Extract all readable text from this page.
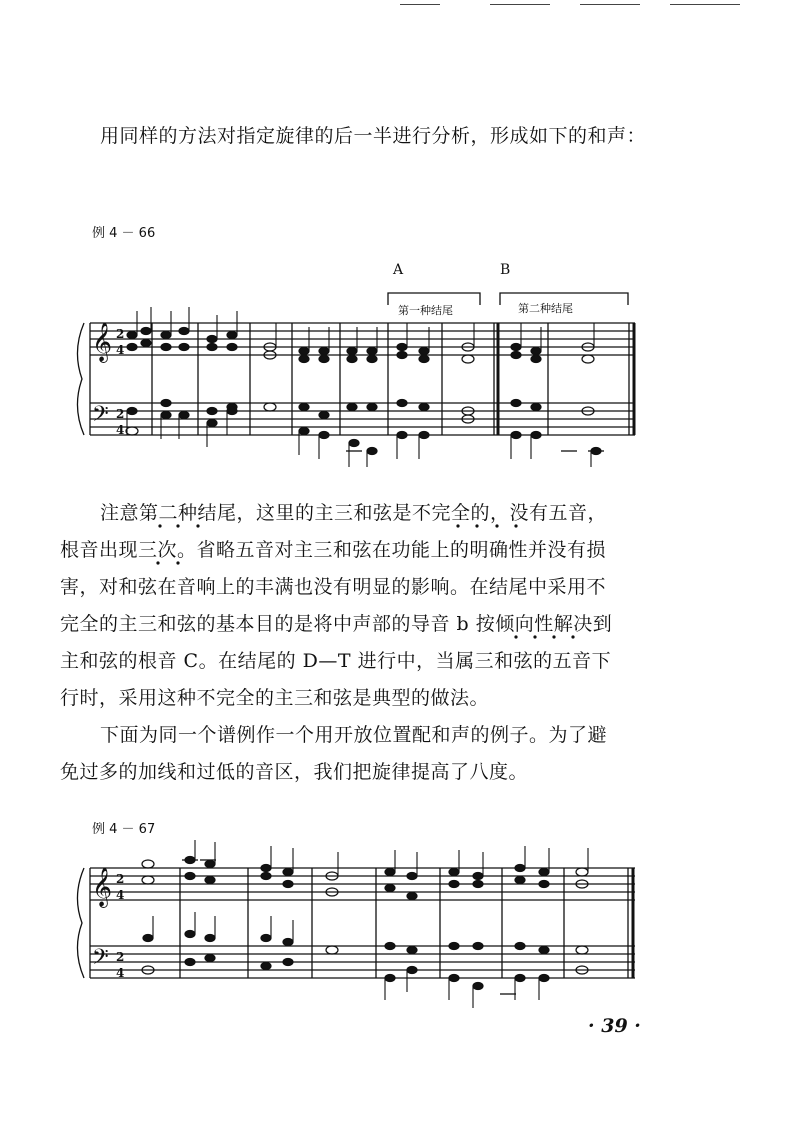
用同样的方法对指定旋律的后一半进行分析，形成如下的和声：

例 4 － 66
A	B
第一种结尾	第二种结尾
𝄞
𝄢
2
4
2
4

注意第二种结尾，这里的主三和弦是不完全的，没有五音，

根音出现三次。省略五音对主三和弦在功能上的明确性并没有损

害，对和弦在音响上的丰满也没有明显的影响。在结尾中采用不

完全的主三和弦的基本目的是将中声部的导音 b 按倾向性解决到

主和弦的根音 C。在结尾的 D—T 进行中，当属三和弦的五音下

行时，采用这种不完全的主三和弦是典型的做法。

下面为同一个谱例作一个用开放位置配和声的例子。为了避

免过多的加线和过低的音区，我们把旋律提高了八度。

例 4 － 67
𝄞
𝄢
2
4
2
4
· 39 ·
